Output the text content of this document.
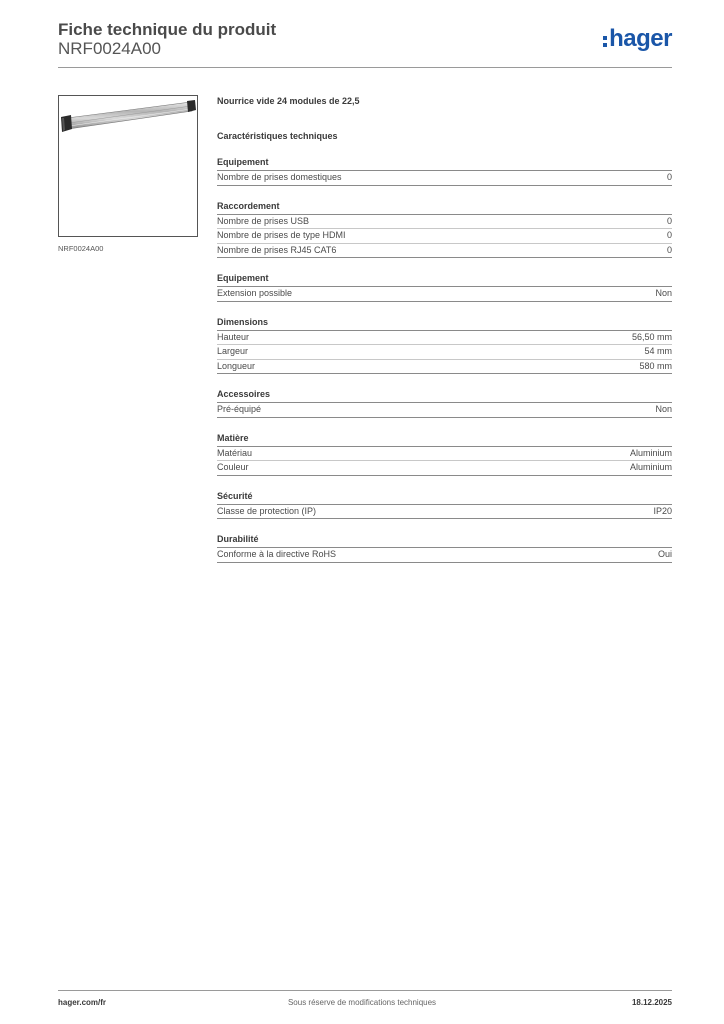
Fiche technique du produit
NRF0024A00	hager
NRF0024A00
Nourrice vide 24 modules de 22,5
Caractéristiques techniques
Equipement
Nombre de prises domestiques	0
Raccordement
Nombre de prises USB	0
Nombre de prises de type HDMI	0
Nombre de prises RJ45 CAT6	0
Equipement
Extension possible	Non
Dimensions
Hauteur	56,50 mm
Largeur	54 mm
Longueur	580 mm
Accessoires
Pré-équipé	Non
Matière
Matériau	Aluminium
Couleur	Aluminium
Sécurité
Classe de protection (IP)	IP20
Durabilité
Conforme à la directive RoHS	Oui
hager.com/fr	Sous réserve de modifications techniques	18.12.2025
